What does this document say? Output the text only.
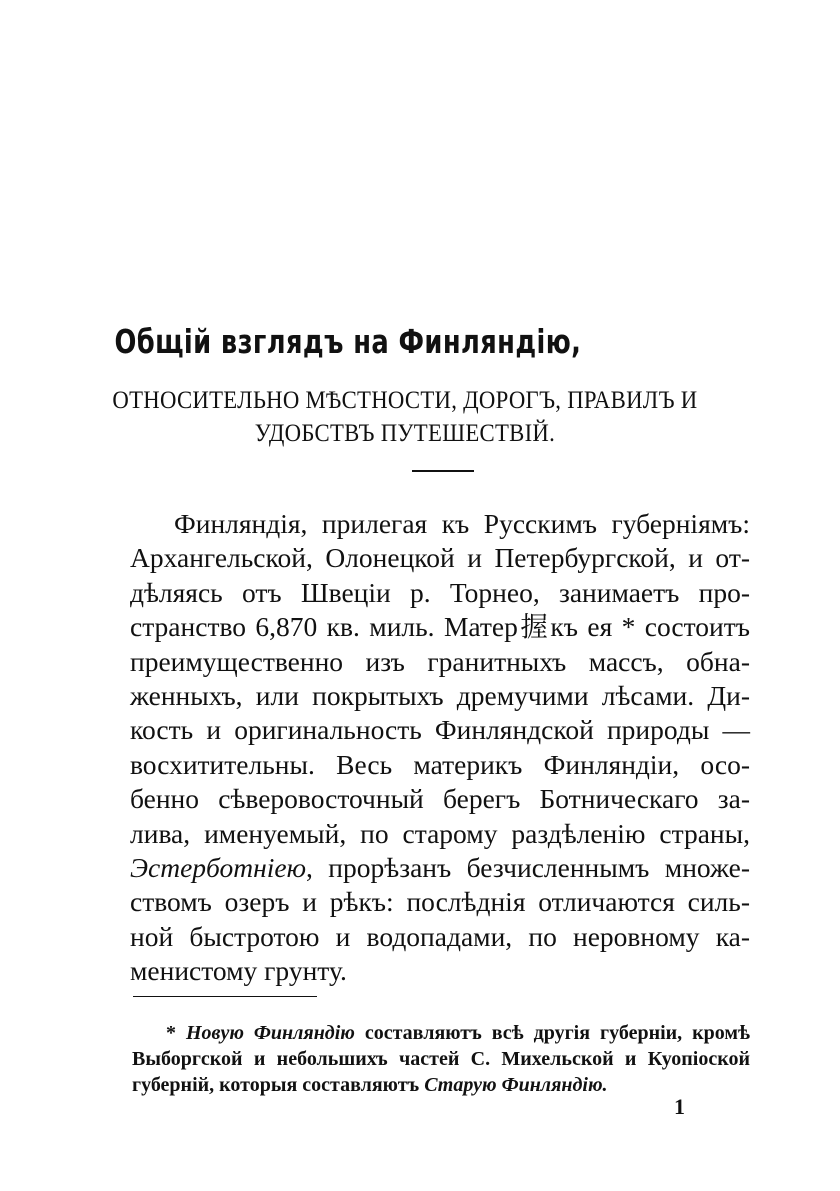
Общій взглядъ на Финляндію,
ОТНОСИТЕЛЬНО МѢСТНОСТИ, ДОРОГЪ, ПРАВИЛЪ И
УДОБСТВЪ ПУТЕШЕСТВІЙ.
Финляндія, прилегая къ Русскимъ губерніямъ:
Архангельской, Олонецкой и Петербургской, и от-
дѣляясь отъ Швеціи р. Торнео, занимаетъ про-
странство 6,870 кв. миль. Матер握къ ея * состоитъ
преимущественно изъ гранитныхъ массъ, обна-
женныхъ, или покрытыхъ дремучими лѣсами. Ди-
кость и оригинальность Финляндской природы —
восхитительны. Весь материкъ Финляндіи, осо-
бенно сѣверовосточный берегъ Ботническаго за-
лива, именуемый, по старому раздѣленію страны,
Эстерботніею, прорѣзанъ безчисленнымъ множе-
ствомъ озеръ и рѣкъ: послѣднія отличаются силь-
ной быстротою и водопадами, по неровному ка-
менистому грунту.
* Новую Финляндію составляютъ всѣ другія губерніи, кромѣ
Выборгской и небольшихъ частей С. Михельской и Куопіоской
губерній, которыя составляютъ Старую Финляндію.
1
